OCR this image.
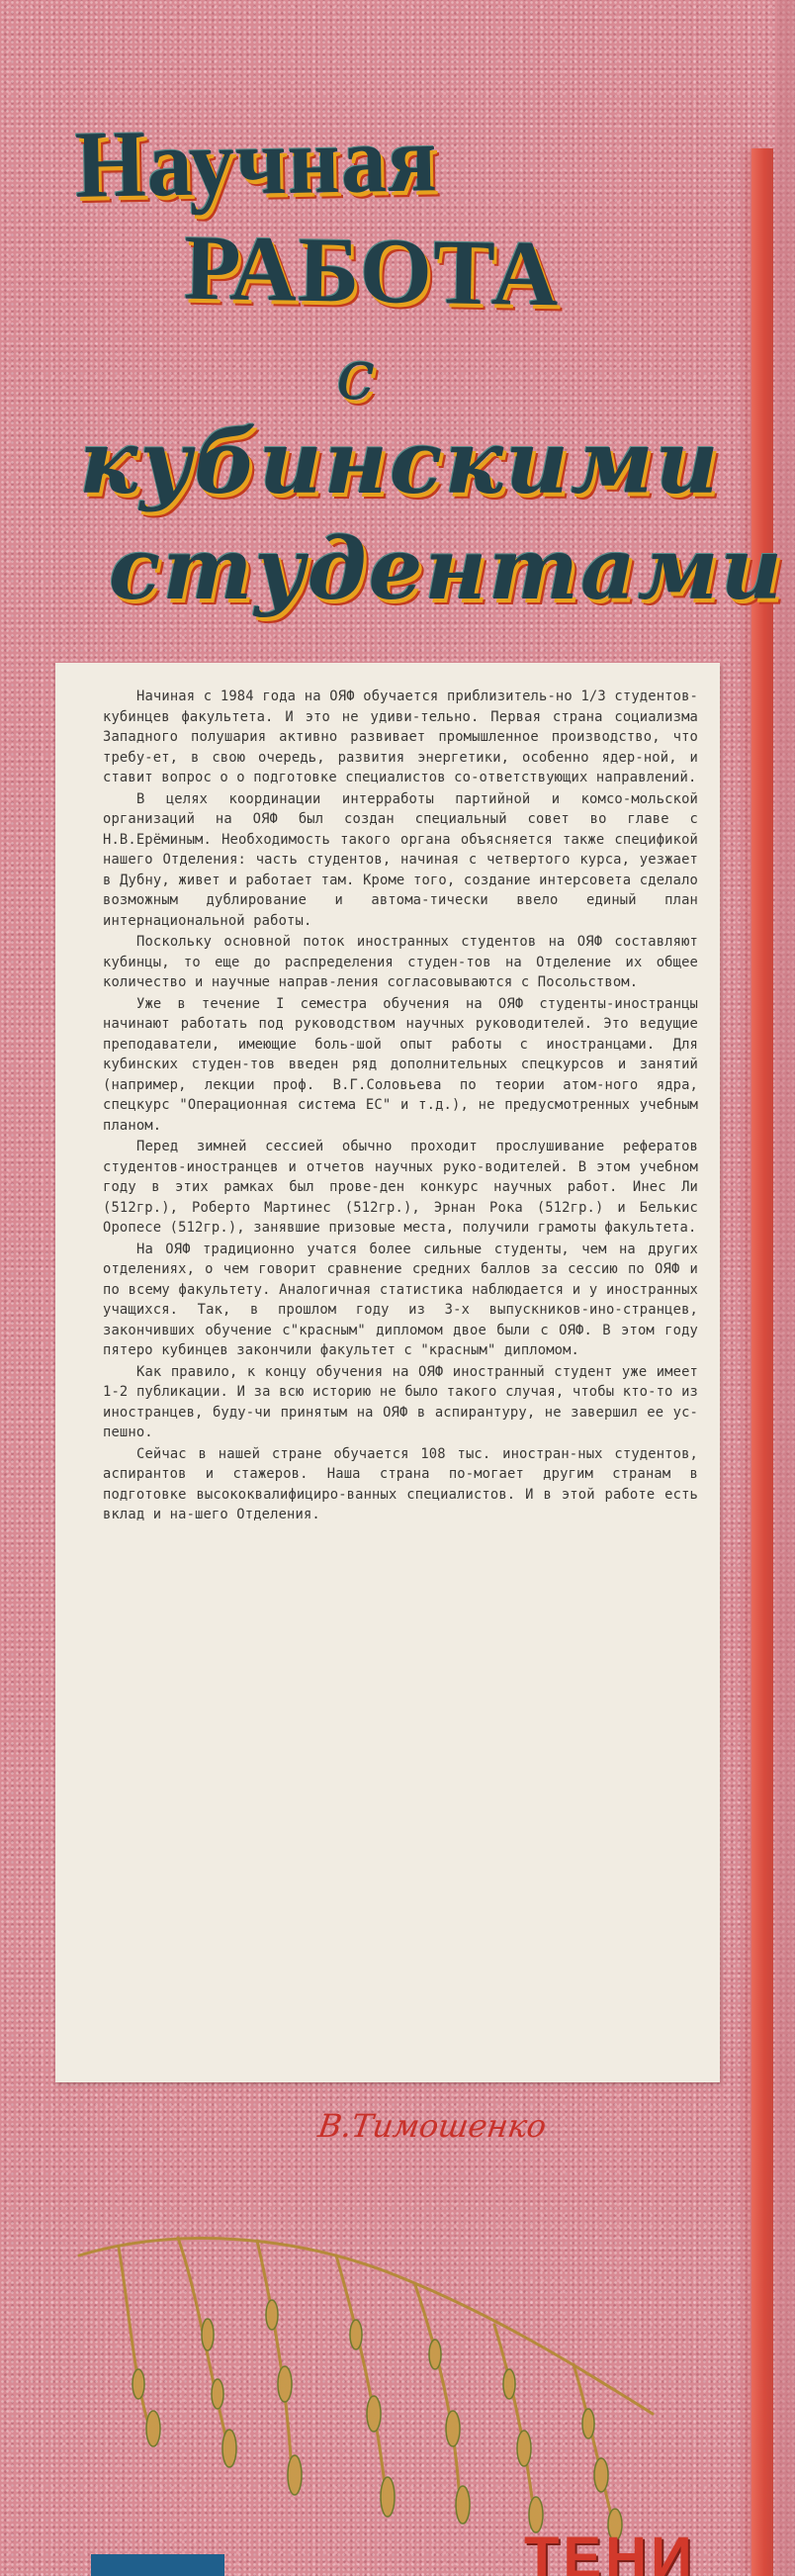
Научная
РАБОТА
с
кубинскими
студентами

Начиная с 1984 года на ОЯФ обучается приблизитель-но 1/3 студентов-кубинцев факультета. И это не удиви-тельно. Первая страна социализма Западного полушария активно развивает промышленное производство, что требу-ет, в свою очередь, развития энергетики, особенно ядер-ной, и ставит вопрос о о подготовке специалистов со-ответствующих направлений.

В целях координации интерработы партийной и комсо-мольской организаций на ОЯФ был создан специальный совет во главе с Н.В.Ерёминым. Необходимость такого органа объясняется также спецификой нашего Отделения: часть студентов, начиная с четвертого курса, уезжает в Дубну, живет и работает там. Кроме того, создание интерсовета сделало возможным дублирование и автома-тически ввело единый план интернациональной работы.

Поскольку основной поток иностранных студентов на ОЯФ составляют кубинцы, то еще до распределения студен-тов на Отделение их общее количество и научные направ-ления согласовываются с Посольством.

Уже в течение I семестра обучения на ОЯФ студенты-иностранцы начинают работать под руководством научных руководителей. Это ведущие преподаватели, имеющие боль-шой опыт работы с иностранцами. Для кубинских студен-тов введен ряд дополнительных спецкурсов и занятий (например, лекции проф. В.Г.Соловьева по теории атом-ного ядра, спецкурс "Операционная система ЕС" и т.д.), не предусмотренных учебным планом.

Перед зимней сессией обычно проходит прослушивание рефератов студентов-иностранцев и отчетов научных руко-водителей. В этом учебном году в этих рамках был прове-ден конкурс научных работ. Инес Ли (512гр.), Роберто Мартинес (512гр.), Эрнан Рока (512гр.) и Белькис Оропесе (512гр.), занявшие призовые места, получили грамоты факультета.

На ОЯФ традиционно учатся более сильные студенты, чем на других отделениях, о чем говорит сравнение средних баллов за сессию по ОЯФ и по всему факультету. Аналогичная статистика наблюдается и у иностранных учащихся. Так, в прошлом году из 3-х выпускников-ино-странцев, закончивших обучение с"красным" дипломом двое были с ОЯФ. В этом году пятеро кубинцев закончили факультет с "красным" дипломом.

Как правило, к концу обучения на ОЯФ иностранный студент уже имеет 1-2 публикации. И за всю историю не было такого случая, чтобы кто-то из иностранцев, буду-чи принятым на ОЯФ в аспирантуру, не завершил ее ус-пешно.

Сейчас в нашей стране обучается 108 тыс. иностран-ных студентов, аспирантов и стажеров. Наша страна по-могает другим странам в подготовке высококвалифициро-ванных специалистов. И в этой работе есть вклад и на-шего Отделения.

В.Тимошенко
ТЕНИ
